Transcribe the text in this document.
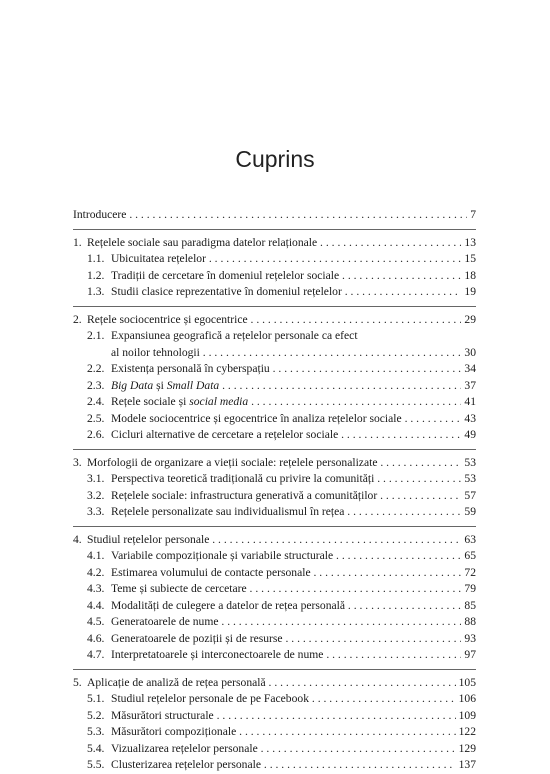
Cuprins
Introducere . . .	7
1. Rețelele sociale sau paradigma datelor relaționale . . .	13
1.1. Ubicuitatea rețelelor . . .	15
1.2. Tradiții de cercetare în domeniul rețelelor sociale . . .	18
1.3. Studii clasice reprezentative în domeniul rețelelor . . .	19
2. Rețele sociocentrice și egocentrice . . .	29
2.1. Expansiunea geografică a rețelelor personale ca efect
al noilor tehnologii . . .	30
2.2. Existența personală în cyberspațiu . . .	34
2.3. Big Data și Small Data . . .	37
2.4. Rețele sociale și social media . . .	41
2.5. Modele sociocentrice și egocentrice în analiza rețelelor sociale . . .	43
2.6. Cicluri alternative de cercetare a rețelelor sociale . . .	49
3. Morfologii de organizare a vieții sociale: rețelele personalizate . . .	53
3.1. Perspectiva teoretică tradițională cu privire la comunități . . .	53
3.2. Rețelele sociale: infrastructura generativă a comunităților . . .	57
3.3. Rețelele personalizate sau individualismul în rețea . . .	59
4. Studiul rețelelor personale . . .	63
4.1. Variabile compoziționale și variabile structurale . . .	65
4.2. Estimarea volumului de contacte personale . . .	72
4.3. Teme și subiecte de cercetare . . .	79
4.4. Modalități de culegere a datelor de rețea personală . . .	85
4.5. Generatoarele de nume . . .	88
4.6. Generatoarele de poziții și de resurse . . .	93
4.7. Interpretatoarele și interconectoarele de nume . . .	97
5. Aplicație de analiză de rețea personală . . .	105
5.1. Studiul rețelelor personale de pe Facebook . . .	106
5.2. Măsurători structurale . . .	109
5.3. Măsurători compoziționale . . .	122
5.4. Vizualizarea rețelelor personale . . .	129
5.5. Clusterizarea rețelelor personale . . .	137
